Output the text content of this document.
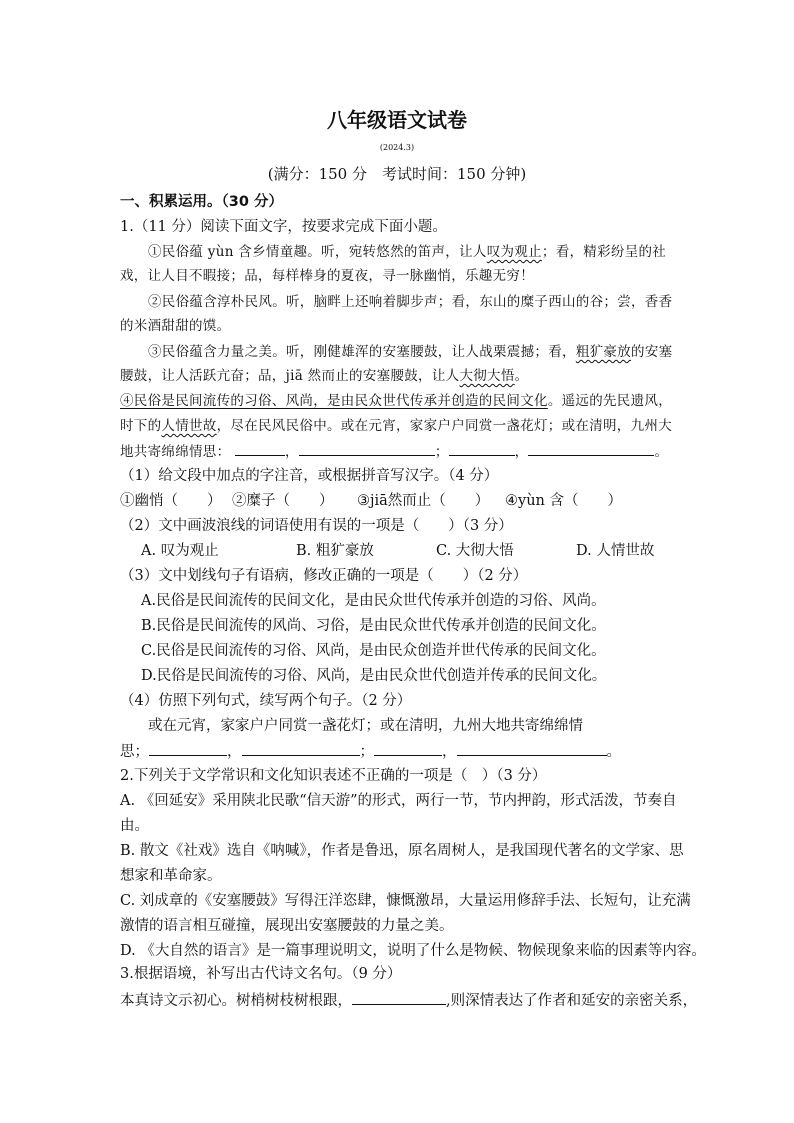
八年级语文试卷
(2024.3)
(满分：150 分　考试时间：150 分钟)
一、积累运用。（30 分）
1.（11 分）阅读下面文字，按要求完成下面小题。
①民俗蕴 yùn 含乡情童趣。听，宛转悠然的笛声，让人叹为观止；看，精彩纷呈的社
戏，让人目不暇接；品，每样棒身的夏夜，寻一脉幽悄，乐趣无穷！
②民俗蕴含淳朴民风。听，脑畔上还响着脚步声；看，东山的糜子西山的谷；尝，香香
的米酒甜甜的馍。
③民俗蕴含力量之美。听，刚健雄浑的安塞腰鼓，让人战栗震撼；看，粗犷豪放的安塞
腰鼓，让人活跃亢奋；品，jiā 然而止的安塞腰鼓，让人大彻大悟。
④民俗是民间流传的习俗、风尚，是由民众世代传承并创造的民间文化。遥远的先民遗风，
时下的人情世故，尽在民风民俗中。或在元宵，家家户户同赏一盏花灯；或在清明，九州大
地共寄绵绵情思：	，	；	，	。
（1）给文段中加点的字注音，或根据拼音写汉字。（4 分）
①幽悄（　　） ②糜子（　　） ③jiā然而止（　　） ④yùn 含（　　）
（2）文中画波浪线的词语使用有误的一项是（　　）（3 分）
A. 叹为观止	B. 粗犷豪放	C. 大彻大悟	D. 人情世故
（3）文中划线句子有语病，修改正确的一项是（　　）（2 分）
A.民俗是民间流传的民间文化，是由民众世代传承并创造的习俗、风尚。
B.民俗是民间流传的风尚、习俗，是由民众世代传承并创造的民间文化。
C.民俗是民间流传的习俗、风尚，是由民众创造并世代传承的民间文化。
D.民俗是民间流传的习俗、风尚，是由民众世代创造并传承的民间文化。
（4）仿照下列句式，续写两个句子。（2 分）
或在元宵，家家户户同赏一盏花灯；或在清明，九州大地共寄绵绵情
思；	，	；	，	。
2.下列关于文学常识和文化知识表述不正确的一项是（　）（3 分）
A. 《回延安》采用陕北民歌“信天游”的形式，两行一节，节内押韵，形式活泼，节奏自
由。
B. 散文《社戏》选自《呐喊》，作者是鲁迅，原名周树人，是我国现代著名的文学家、思
想家和革命家。
C. 刘成章的《安塞腰鼓》写得汪洋恣肆，慷慨激昂，大量运用修辞手法、长短句，让充满
激情的语言相互碰撞，展现出安塞腰鼓的力量之美。
D. 《大自然的语言》是一篇事理说明文，说明了什么是物候、物候现象来临的因素等内容。
3.根据语境，补写出古代诗文名句。（9 分）
本真诗文示初心。树梢树枝树根跟，	,则深情表达了作者和延安的亲密关系，
